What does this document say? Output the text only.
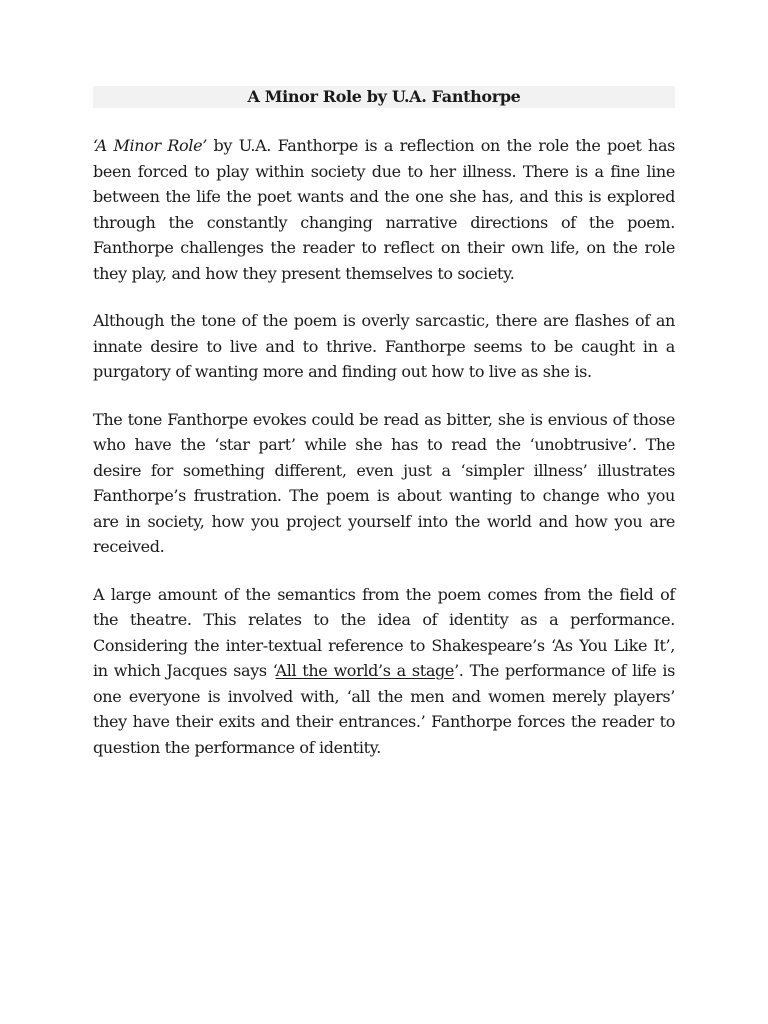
A Minor Role by U.A. Fanthorpe

‘A Minor Role’ by U.A. Fanthorpe is a reflection on the role the poet has been forced to play within society due to her illness. There is a fine line between the life the poet wants and the one she has, and this is explored through the constantly changing narrative directions of the poem. Fanthorpe challenges the reader to reflect on their own life, on the role they play, and how they present themselves to society.

Although the tone of the poem is overly sarcastic, there are flashes of an innate desire to live and to thrive. Fanthorpe seems to be caught in a purgatory of wanting more and finding out how to live as she is.

The tone Fanthorpe evokes could be read as bitter, she is envious of those who have the ‘star part’ while she has to read the ‘unobtrusive’. The desire for something different, even just a ‘simpler illness’ illustrates Fanthorpe’s frustration. The poem is about wanting to change who you are in society, how you project yourself into the world and how you are received.

A large amount of the semantics from the poem comes from the field of the theatre. This relates to the idea of identity as a performance. Considering the inter-textual reference to Shakespeare’s ‘As You Like It’, in which Jacques says ‘All the world’s a stage’. The performance of life is one everyone is involved with, ‘all the men and women merely players’ they have their exits and their entrances.’ Fanthorpe forces the reader to question the performance of identity.
